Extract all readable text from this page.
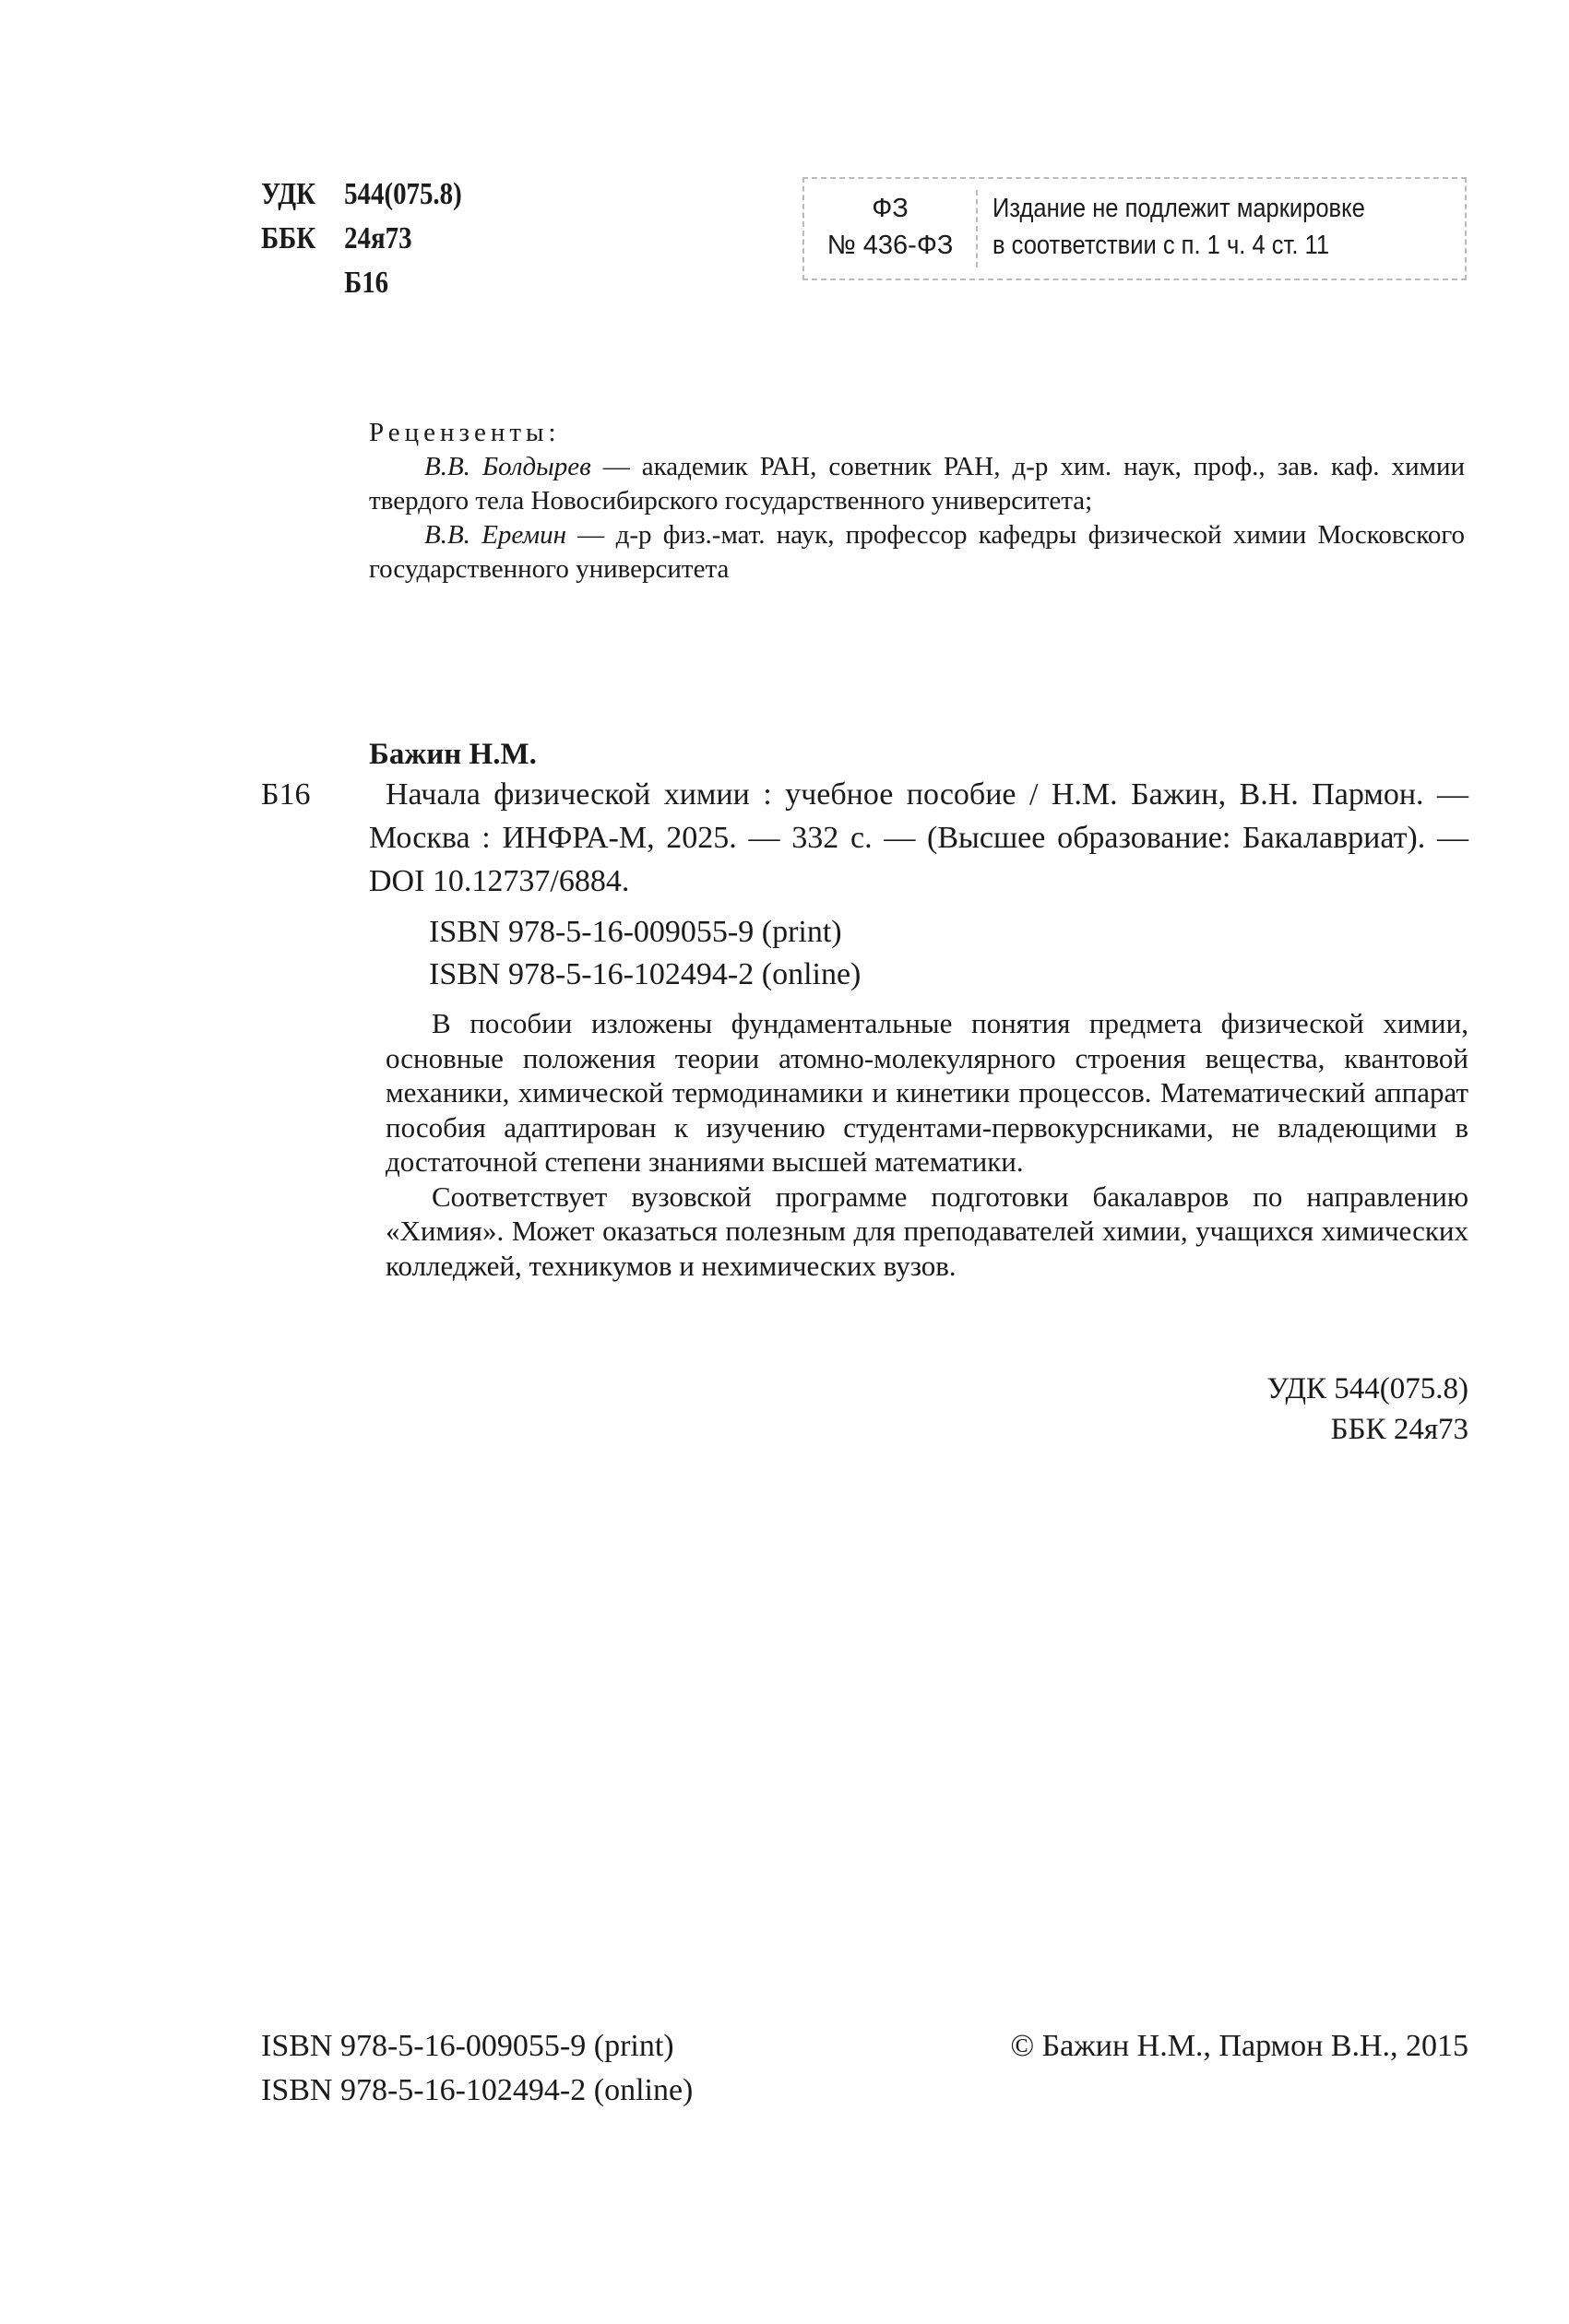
УДК 544(075.8)
ББК 24я73
Б16
ФЗ
№ 436-ФЗ
Издание не подлежит маркировке
в соответствии с п. 1 ч. 4 ст. 11

Рецензенты:

В.В. Болдырев — академик РАН, советник РАН, д-р хим. наук, проф., зав. каф. химии твердого тела Новосибирского государственного университета;

В.В. Еремин — д-р физ.-мат. наук, профессор кафедры физической химии Московского государственного университета

Бажин Н.М.
Б16	Начала физической химии : учебное пособие / Н.М. Бажин, В.Н. Пармон. — Москва : ИНФРА-М, 2025. — 332 с. — (Высшее образование: Бакалавриат). — DOI 10.12737/6884.
ISBN 978-5-16-009055-9 (print)
ISBN 978-5-16-102494-2 (online)

В пособии изложены фундаментальные понятия предмета физической химии, основные положения теории атомно-молекулярного строения вещества, квантовой механики, химической термодинамики и кинетики процессов. Математический аппарат пособия адаптирован к изучению студентами-первокурсниками, не владеющими в достаточной степени знаниями высшей математики.

Соответствует вузовской программе подготовки бакалавров по направлению «Химия». Может оказаться полезным для преподавателей химии, учащихся химических колледжей, техникумов и нехимических вузов.

УДК 544(075.8)
ББК 24я73
ISBN 978-5-16-009055-9 (print)
ISBN 978-5-16-102494-2 (online)
© Бажин Н.М., Пармон В.Н., 2015
